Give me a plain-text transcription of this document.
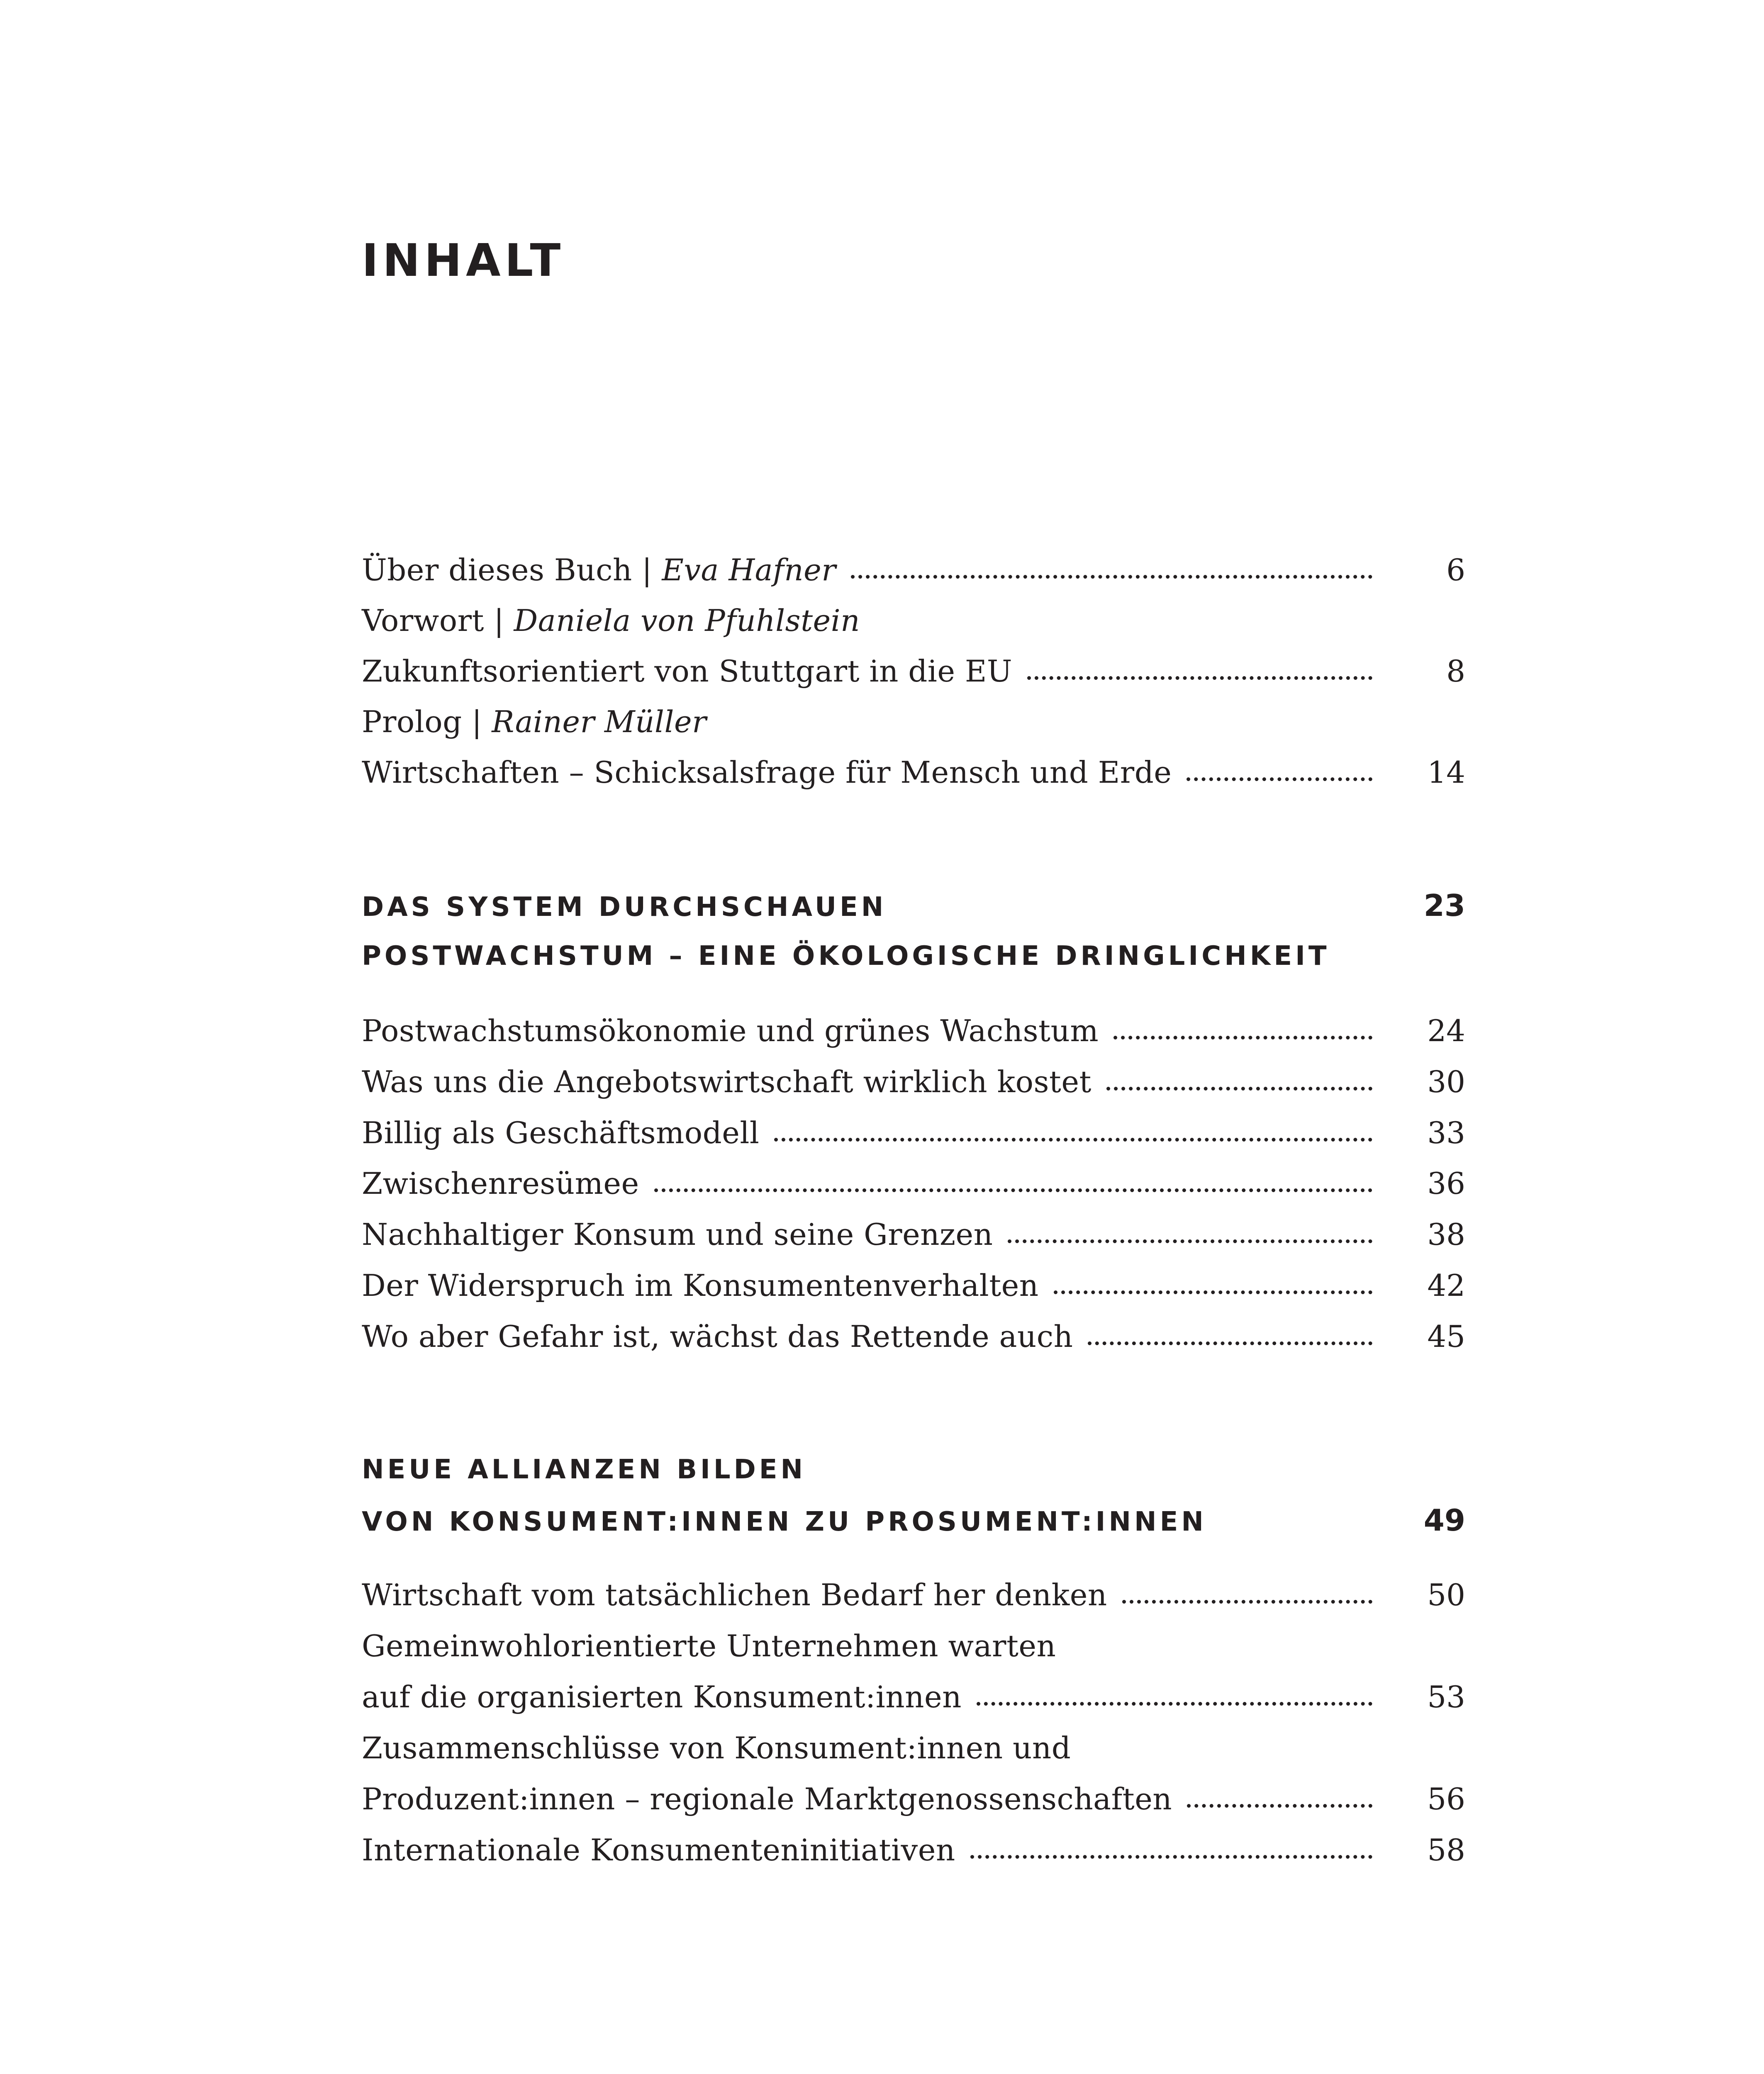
INHALT
Über dieses Buch | Eva Hafner	6
Vorwort | Daniela von Pfuhlstein
Zukunftsorientiert von Stuttgart in die EU	8
Prolog | Rainer Müller
Wirtschaften – Schicksalsfrage für Mensch und Erde	14
DAS SYSTEM DURCHSCHAUEN	23
POSTWACHSTUM – EINE ÖKOLOGISCHE DRINGLICHKEIT
Postwachstumsökonomie und grünes Wachstum	24
Was uns die Angebotswirtschaft wirklich kostet	30
Billig als Geschäftsmodell	33
Zwischenresümee	36
Nachhaltiger Konsum und seine Grenzen	38
Der Widerspruch im Konsumentenverhalten	42
Wo aber Gefahr ist, wächst das Rettende auch	45
NEUE ALLIANZEN BILDEN
VON KONSUMENT:INNEN ZU PROSUMENT:INNEN	49
Wirtschaft vom tatsächlichen Bedarf her denken	50
Gemeinwohlorientierte Unternehmen warten
auf die organisierten Konsument:innen	53
Zusammenschlüsse von Konsument:innen und
Produzent:innen – regionale Marktgenossenschaften	56
Internationale Konsumenteninitiativen	58
